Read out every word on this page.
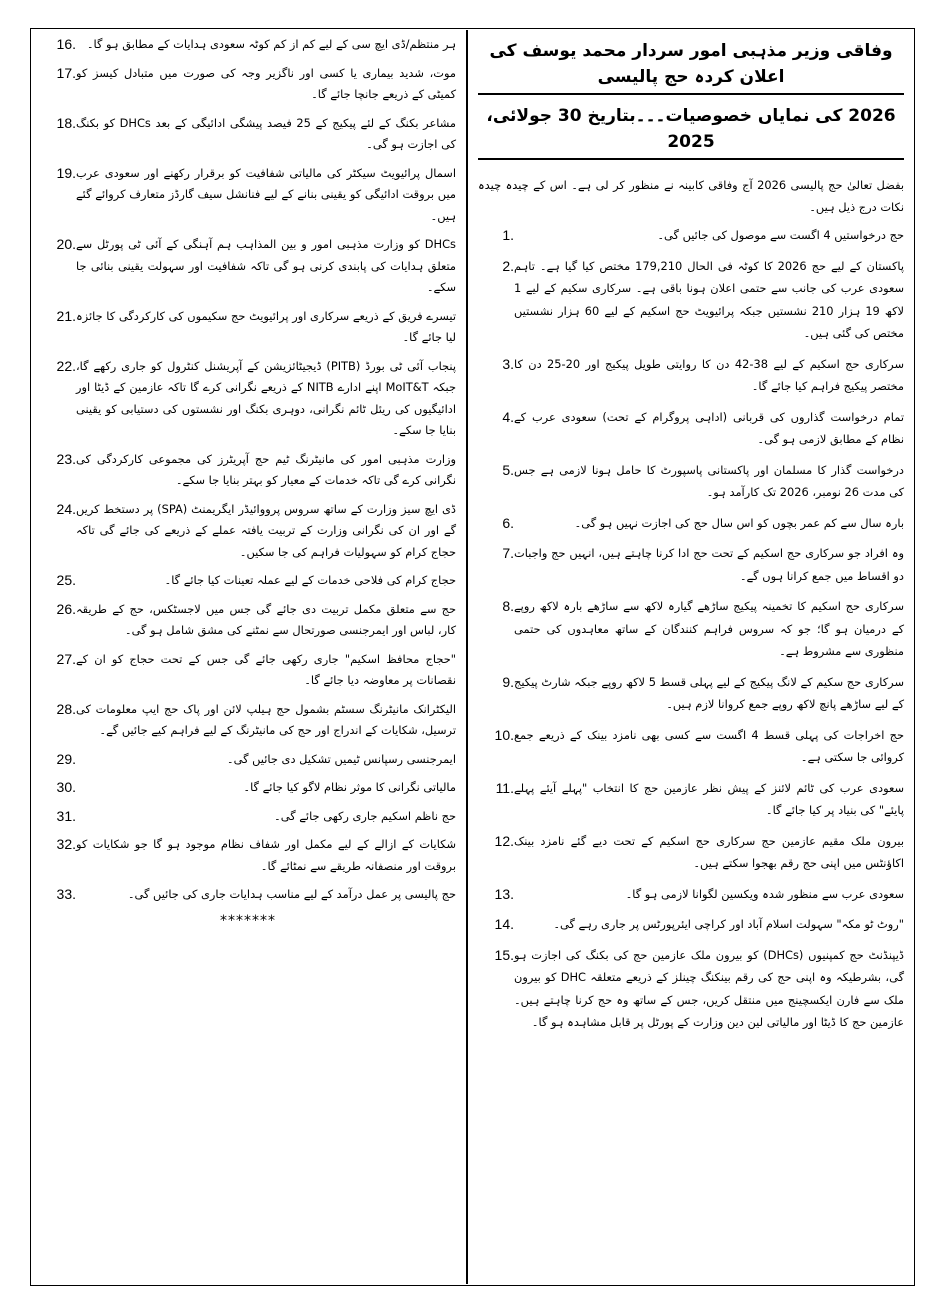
وفاقی وزیر مذہبی امور سردار محمد یوسف کی اعلان کردہ حج پالیسی 2026 کی نمایاں خصوصیات۔۔۔بتاریخ 30 جولائی، 2025
بفضل تعالیٰ حج پالیسی 2026 آج وفاقی کابینہ نے منظور کر لی ہے۔ اس کے چیدہ چیدہ نکات درج ذیل ہیں۔
1.	حج درخواستیں 4 اگست سے موصول کی جائیں گی۔
2. پاکستان کے لیے حج 2026 کا کوٹہ فی الحال 179,210 مختص کیا گیا ہے۔ تاہم سعودی عرب کی جانب سے حتمی اعلان ہونا باقی ہے۔ سرکاری سکیم کے لیے 1 لاکھ 19 ہزار 210 نشستیں جبکہ پرائیویٹ حج اسکیم کے لیے 60 ہزار نشستیں مختص کی گئی ہیں۔
3. سرکاری حج اسکیم کے لیے 38-42 دن کا روایتی طویل پیکیج اور 20-25 دن کا مختصر پیکیج فراہم کیا جائے گا۔
4. تمام درخواست گذاروں کی قربانی (اداہی پروگرام کے تحت) سعودی عرب کے نظام کے مطابق لازمی ہو گی۔
5. درخواست گذار کا مسلمان اور پاکستانی پاسپورٹ کا حامل ہونا لازمی ہے جس کی مدت 26 نومبر، 2026 تک کارآمد ہو۔
6.	بارہ سال سے کم عمر بچوں کو اس سال حج کی اجازت نہیں ہو گی۔
7. وہ افراد جو سرکاری حج اسکیم کے تحت حج ادا کرنا چاہتے ہیں، انہیں حج واجبات دو اقساط میں جمع کرانا ہوں گے۔
8. سرکاری حج اسکیم کا تخمینہ پیکیج ساڑھے گیارہ لاکھ سے ساڑھے بارہ لاکھ روپے کے درمیان ہو گا؛ جو کہ سروس فراہم کنندگان کے ساتھ معاہدوں کی حتمی منظوری سے مشروط ہے۔
9. سرکاری حج سکیم کے لانگ پیکیج کے لیے پہلی قسط 5 لاکھ روپے جبکہ شارٹ پیکیج کے لیے ساڑھے پانچ لاکھ روپے جمع کروانا لازم ہیں۔
10. حج اخراجات کی پہلی قسط 4 اگست سے کسی بھی نامزد بینک کے ذریعے جمع کروائی جا سکتی ہے۔
11. سعودی عرب کی ٹائم لائنز کے پیش نظر عازمین حج کا انتخاب "پہلے آیئے پہلے پایئے" کی بنیاد پر کیا جائے گا۔
12. بیرون ملک مقیم عازمین حج سرکاری حج اسکیم کے تحت دیے گئے نامزد بینک اکاؤنٹس میں اپنی حج رقم بھجوا سکتے ہیں۔
13.	سعودی عرب سے منظور شدہ ویکسین لگوانا لازمی ہو گا۔
14.	"روٹ ٹو مکہ" سہولت اسلام آباد اور کراچی ایئرپورٹس پر جاری رہے گی۔
15. ڈیپنڈنٹ حج کمپنیوں (DHCs) کو بیرون ملک عازمین حج کی بکنگ کی اجازت ہو گی، بشرطیکہ وہ اپنی حج کی رقم بینکنگ چینلز کے ذریعے متعلقہ DHC کو بیرون ملک سے فارن ایکسچینج میں منتقل کریں، جس کے ساتھ وہ حج کرنا چاہتے ہیں۔ عازمین حج کا ڈیٹا اور مالیاتی لین دین وزارت کے پورٹل پر قابل مشاہدہ ہو گا۔
16. ہر منتظم/ڈی ایچ سی کے لیے کم از کم کوٹہ سعودی ہدایات کے مطابق ہو گا۔
17. موت، شدید بیماری یا کسی اور ناگزیر وجہ کی صورت میں متبادل کیسز کو کمیٹی کے ذریعے جانچا جائے گا۔
18. مشاعر بکنگ کے لئے پیکیج کے 25 فیصد پیشگی ادائیگی کے بعد DHCs کو بکنگ کی اجازت ہو گی۔
19. اسمال پرائیویٹ سیکٹر کی مالیاتی شفافیت کو برقرار رکھنے اور سعودی عرب میں بروقت ادائیگی کو یقینی بنانے کے لیے فنانشل سیف گارڈز متعارف کروائے گئے ہیں۔
20. DHCs کو وزارت مذہبی امور و بین المذاہب ہم آہنگی کے آئی ٹی پورٹل سے متعلق ہدایات کی پابندی کرنی ہو گی تاکہ شفافیت اور سہولت یقینی بنائی جا سکے۔
21. تیسرے فریق کے ذریعے سرکاری اور پرائیویٹ حج سکیموں کی کارکردگی کا جائزہ لیا جائے گا۔
22. پنجاب آئی ٹی بورڈ (PITB) ڈیجیٹائزیشن کے آپریشنل کنٹرول کو جاری رکھے گا، جبکہ MoIT&T اپنے ادارے NITB کے ذریعے نگرانی کرے گا تاکہ عازمین کے ڈیٹا اور ادائیگیوں کی ریئل ٹائم نگرانی، دوہری بکنگ اور نشستوں کی دستیابی کو یقینی بنایا جا سکے۔
23. وزارت مذہبی امور کی مانیٹرنگ ٹیم حج آپریٹرز کی مجموعی کارکردگی کی نگرانی کرے گی تاکہ خدمات کے معیار کو بہتر بنایا جا سکے۔
24. ڈی ایچ سیز وزارت کے ساتھ سروس پرووائیڈر ایگریمنٹ (SPA) پر دستخط کریں گے اور ان کی نگرانی وزارت کے تربیت یافتہ عملے کے ذریعے کی جائے گی تاکہ حجاج کرام کو سہولیات فراہم کی جا سکیں۔
25.	حجاج کرام کی فلاحی خدمات کے لیے عملہ تعینات کیا جائے گا۔
26. حج سے متعلق مکمل تربیت دی جائے گی جس میں لاجسٹکس، حج کے طریقہ کار، لباس اور ایمرجنسی صورتحال سے نمٹنے کی مشق شامل ہو گی۔
27. "حجاج محافظ اسکیم" جاری رکھی جائے گی جس کے تحت حجاج کو ان کے نقصانات پر معاوضہ دیا جائے گا۔
28. الیکٹرانک مانیٹرنگ سسٹم بشمول حج ہیلپ لائن اور پاک حج ایپ معلومات کی ترسیل، شکایات کے اندراج اور حج کی مانیٹرنگ کے لیے فراہم کیے جائیں گے۔
29.	ایمرجنسی رسپانس ٹیمیں تشکیل دی جائیں گی۔
30.	مالیاتی نگرانی کا موثر نظام لاگو کیا جائے گا۔
31.	حج ناظم اسکیم جاری رکھی جائے گی۔
32. شکایات کے ازالے کے لیے مکمل اور شفاف نظام موجود ہو گا جو شکایات کو بروقت اور منصفانہ طریقے سے نمٹائے گا۔
33.	حج پالیسی پر عمل درآمد کے لیے مناسب ہدایات جاری کی جائیں گی۔
*******
